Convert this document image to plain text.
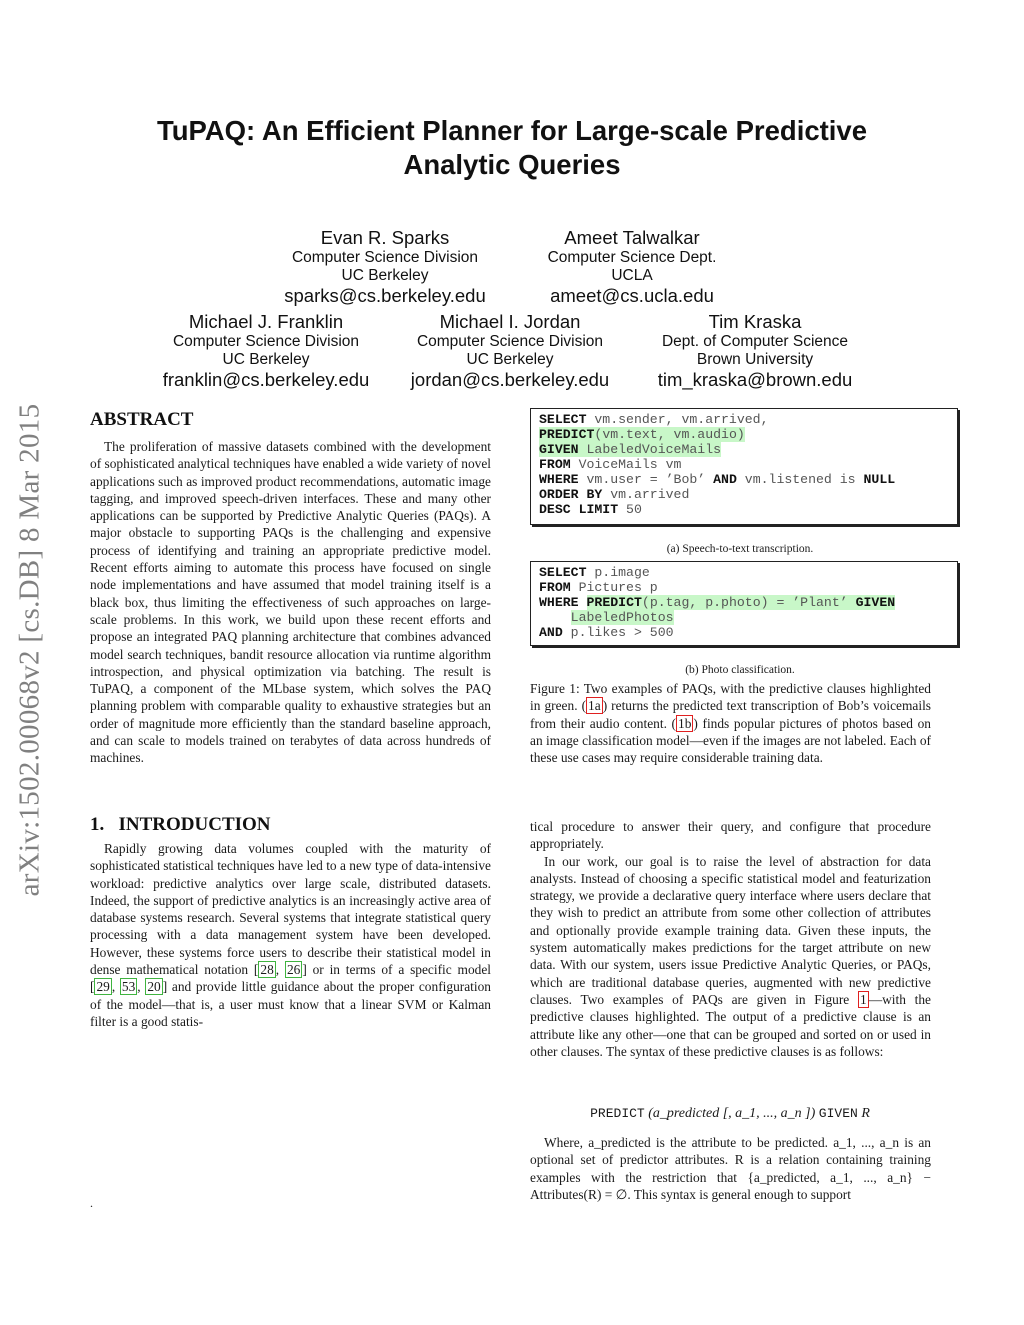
arXiv:1502.00068v2 [cs.DB] 8 Mar 2015
TuPAQ: An Efficient Planner for Large-scale Predictive
Analytic Queries
Evan R. Sparks
Computer Science Division
UC Berkeley
sparks@cs.berkeley.edu
Ameet Talwalkar
Computer Science Dept.
UCLA
ameet@cs.ucla.edu
Michael J. Franklin
Computer Science Division
UC Berkeley
franklin@cs.berkeley.edu
Michael I. Jordan
Computer Science Division
UC Berkeley
jordan@cs.berkeley.edu
Tim Kraska
Dept. of Computer Science
Brown University
tim_kraska@brown.edu
ABSTRACT
The proliferation of massive datasets combined with the development of sophisticated analytical techniques have enabled a wide variety of novel applications such as improved product recommendations, automatic image tagging, and improved speech-driven interfaces. These and many other applications can be supported by Predictive Analytic Queries (PAQs). A major obstacle to supporting PAQs is the challenging and expensive process of identifying and training an appropriate predictive model. Recent efforts aiming to automate this process have focused on single node implementations and have assumed that model training itself is a black box, thus limiting the effectiveness of such approaches on large-scale problems. In this work, we build upon these recent efforts and propose an integrated PAQ planning architecture that combines advanced model search techniques, bandit resource allocation via runtime algorithm introspection, and physical optimization via batching. The result is TuPAQ, a component of the MLbase system, which solves the PAQ planning problem with comparable quality to exhaustive strategies but an order of magnitude more efficiently than the standard baseline approach, and can scale to models trained on terabytes of data across hundreds of machines.
1.   INTRODUCTION
Rapidly growing data volumes coupled with the maturity of sophisticated statistical techniques have led to a new type of data-intensive workload: predictive analytics over large scale, distributed datasets. Indeed, the support of predictive analytics is an increasingly active area of database systems research. Several systems that integrate statistical query processing with a data management system have been developed. However, these systems force users to describe their statistical model in dense mathematical notation [ 28 , 26 ] or in terms of a specific model [ 29 , 53 , 20 ] and provide little guidance about the proper configuration of the model—that is, a user must know that a linear SVM or Kalman filter is a good statis-
SELECT vm.sender, vm.arrived,
PREDICT(vm.text, vm.audio)
GIVEN LabeledVoiceMails
FROM VoiceMails vm
WHERE vm.user = ’Bob’ AND vm.listened is NULL
ORDER BY vm.arrived
DESC LIMIT 50
(a) Speech-to-text transcription.
SELECT p.image
FROM Pictures p
WHERE PREDICT(p.tag, p.photo) = ’Plant’ GIVEN
LabeledPhotos
AND p.likes > 500
(b) Photo classification.
Figure 1: Two examples of PAQs, with the predictive clauses highlighted in green. ( 1a ) returns the predicted text transcription of Bob’s voicemails from their audio content. ( 1b ) finds popular pictures of photos based on an image classification model—even if the images are not labeled. Each of these use cases may require considerable training data.

tical procedure to answer their query, and configure that procedure appropriately.

In our work, our goal is to raise the level of abstraction for data analysts. Instead of choosing a specific statistical model and featurization strategy, we provide a declarative query interface where users declare that they wish to predict an attribute from some other collection of attributes and optionally provide example training data. Given these inputs, the system automatically makes predictions for the target attribute on new data. With our system, users issue Predictive Analytic Queries, or PAQs, which are traditional database queries, augmented with new predictive clauses. Two examples of PAQs are given in Figure 1 —with the predictive clauses highlighted. The output of a predictive clause is an attribute like any other—one that can be grouped and sorted on or used in other clauses. The syntax of these predictive clauses is as follows:

PREDICT (a_predicted [, a_1, ..., a_n ]) GIVEN R
Where, a_predicted is the attribute to be predicted. a_1, ..., a_n is an optional set of predictor attributes. R is a relation containing training examples with the restriction that {a_predicted, a_1, ..., a_n} − Attributes(R) = ∅. This syntax is general enough to support
.
